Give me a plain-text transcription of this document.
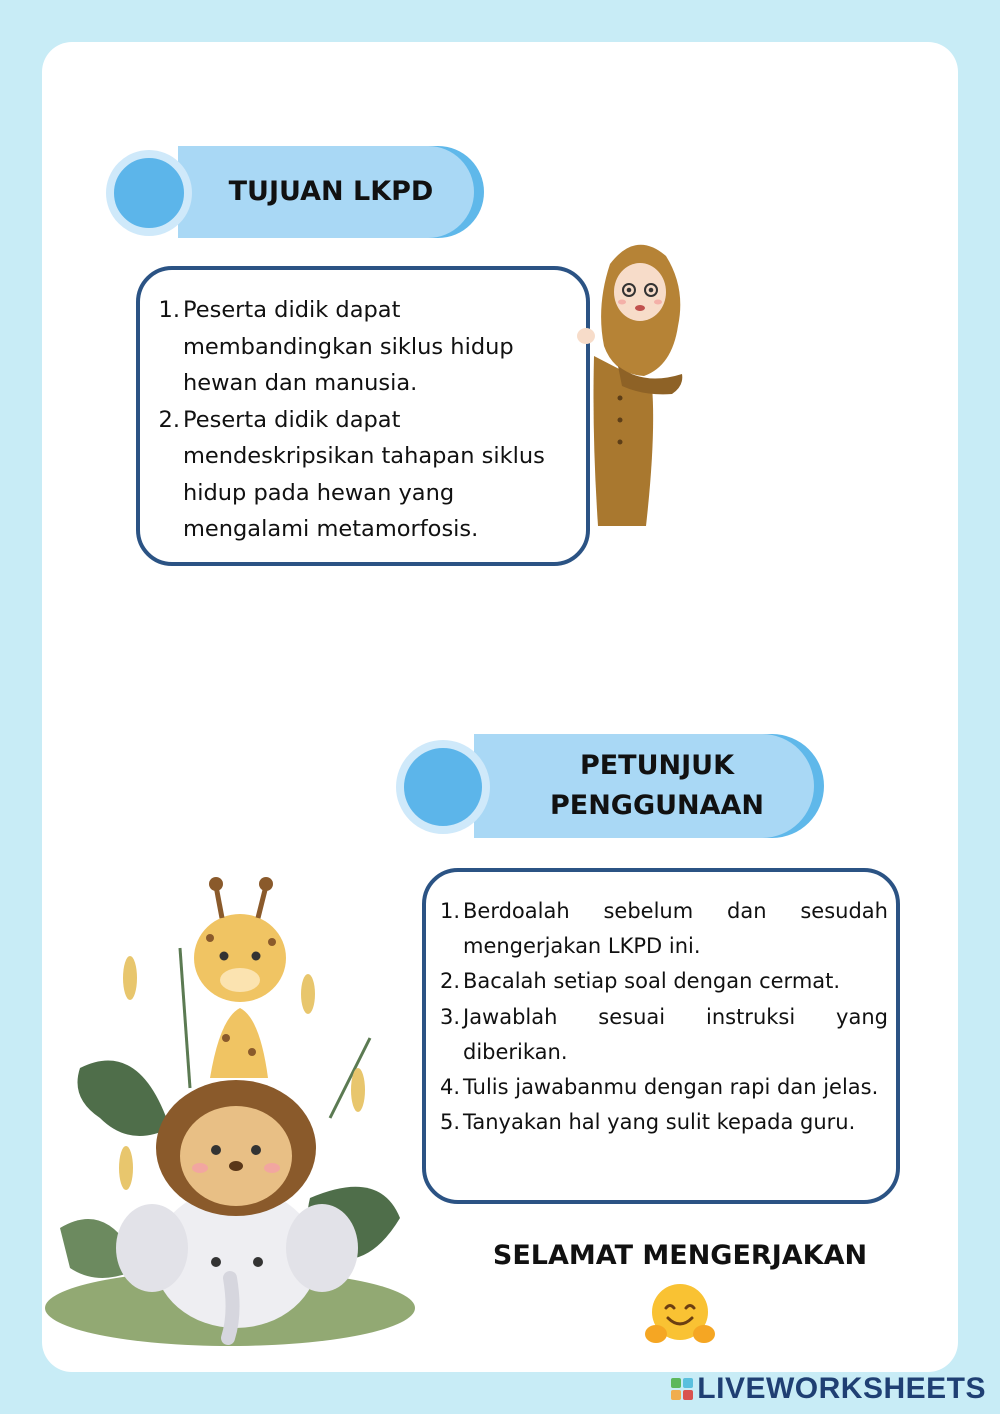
TUJUAN LKPD
1. Peserta didik dapat membandingkan siklus hidup hewan dan manusia.
2. Peserta didik dapat mendeskripsikan tahapan siklus hidup pada hewan yang mengalami metamorfosis.
PETUNJUK
PENGGUNAAN
1. Berdoalah sebelum dan sesudah mengerjakan LKPD ini.
2. Bacalah setiap soal dengan cermat.
3. Jawablah sesuai instruksi yang diberikan.
4. Tulis jawabanmu dengan rapi dan jelas.
5. Tanyakan hal yang sulit kepada guru.
SELAMAT MENGERJAKAN
LIVEWORKSHEETS
